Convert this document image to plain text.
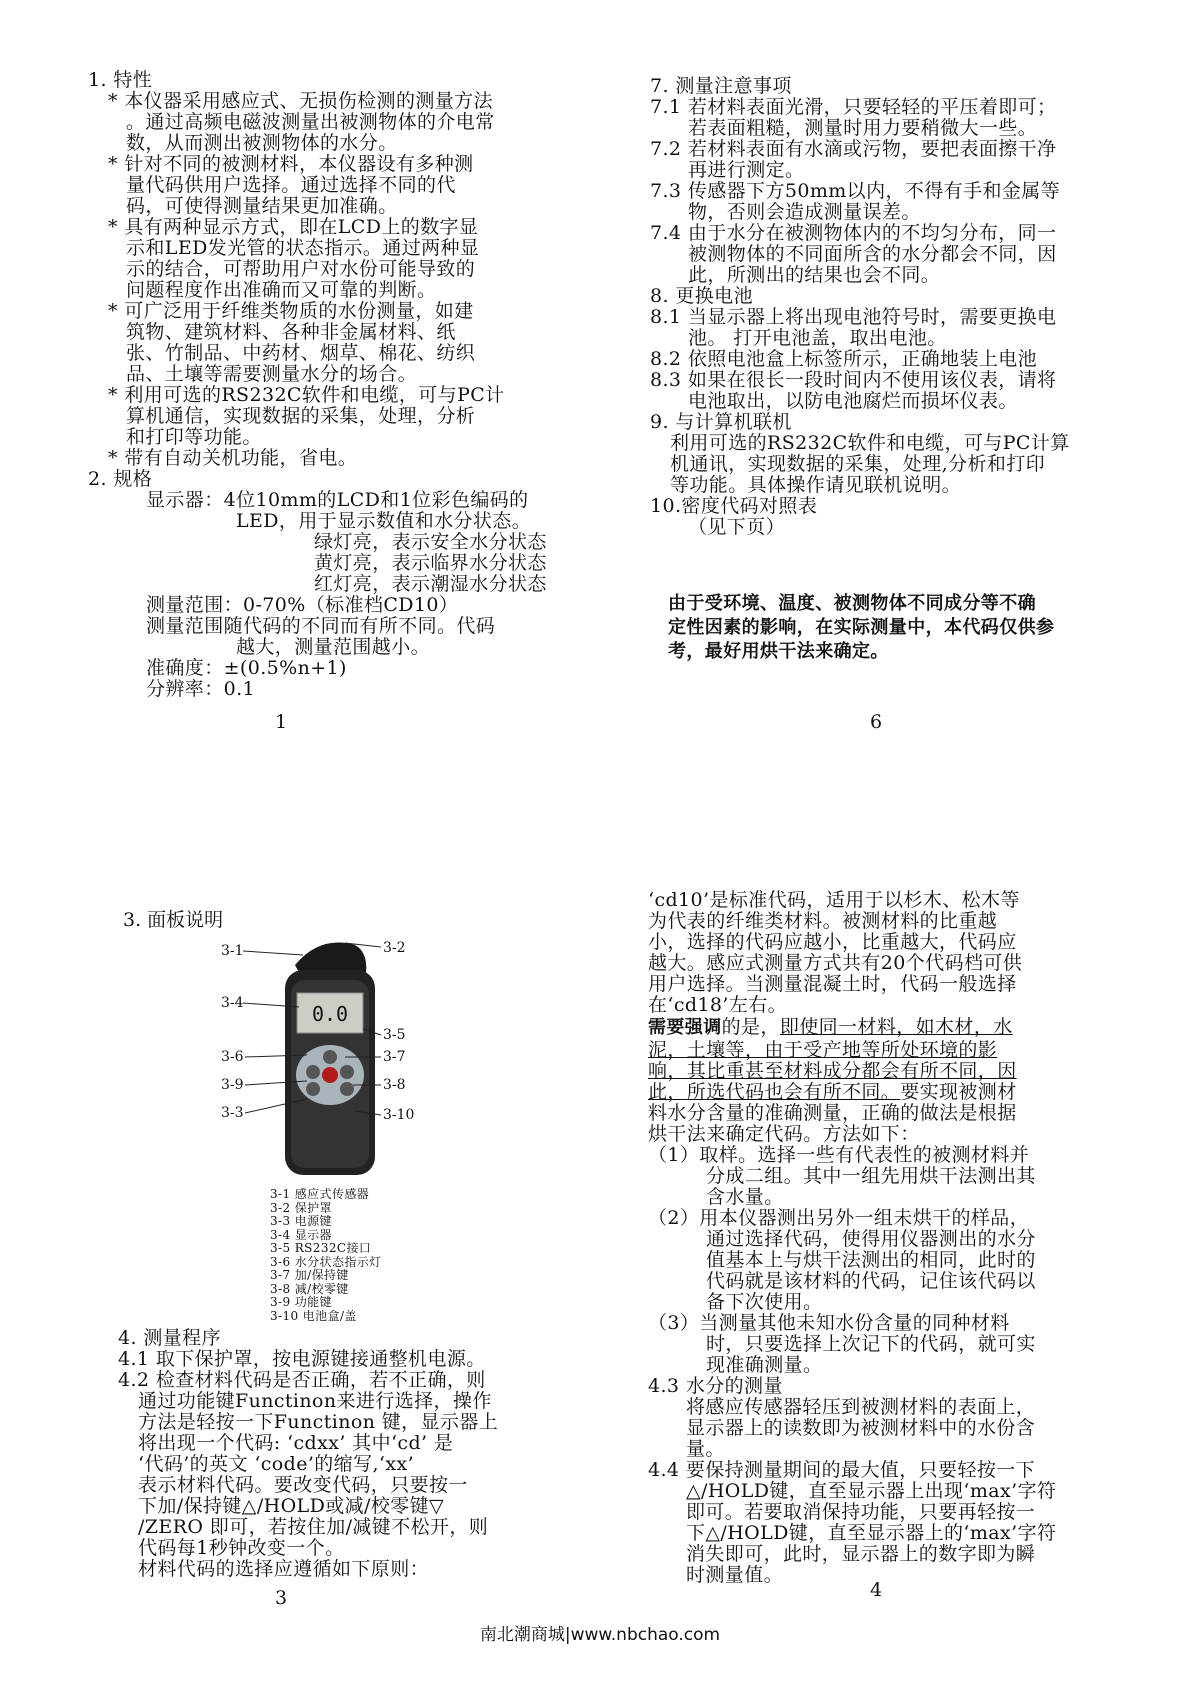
1. 特性
* 本仪器采用感应式、无损伤检测的测量方法
。通过高频电磁波测量出被测物体的介电常
数，从而测出被测物体的水分。
* 针对不同的被测材料，本仪器设有多种测
量代码供用户选择。通过选择不同的代
码，可使得测量结果更加准确。
* 具有两种显示方式，即在LCD上的数字显
示和LED发光管的状态指示。通过两种显
示的结合，可帮助用户对水份可能导致的
问题程度作出准确而又可靠的判断。
* 可广泛用于纤维类物质的水份测量，如建
筑物、建筑材料、各种非金属材料、纸
张、竹制品、中药材、烟草、棉花、纺织
品、土壤等需要测量水分的场合。
* 利用可选的RS232C软件和电缆，可与PC计
算机通信，实现数据的采集，处理，分析
和打印等功能。
* 带有自动关机功能，省电。
2. 规格
显示器：4位10mm的LCD和1位彩色编码的
LED，用于显示数值和水分状态。
绿灯亮，表示安全水分状态
黄灯亮，表示临界水分状态
红灯亮，表示潮湿水分状态
测量范围：0-70%（标准档CD10）
测量范围随代码的不同而有所不同。代码
越大，测量范围越小。
准确度：±(0.5%n+1)
分辨率：0.1
1
7. 测量注意事项
7.1 若材料表面光滑，只要轻轻的平压着即可；
若表面粗糙，测量时用力要稍微大一些。
7.2 若材料表面有水滴或污物，要把表面擦干净
再进行测定。
7.3 传感器下方50mm以内，不得有手和金属等
物，否则会造成测量误差。
7.4 由于水分在被测物体内的不均匀分布，同一
被测物体的不同面所含的水分都会不同，因
此，所测出的结果也会不同。
8. 更换电池
8.1 当显示器上将出现电池符号时，需要更换电
池。 打开电池盖，取出电池。
8.2 依照电池盒上标签所示，正确地装上电池
8.3 如果在很长一段时间内不使用该仪表，请将
电池取出，以防电池腐烂而损坏仪表。
9. 与计算机联机
利用可选的RS232C软件和电缆，可与PC计算
机通讯，实现数据的采集，处理,分析和打印
等功能。具体操作请见联机说明。
10.密度代码对照表
（见下页）
由于受环境、温度、被测物体不同成分等不确
定性因素的影响，在实际测量中，本代码仅供参
考，最好用烘干法来确定。
6
3. 面板说明
0.0
3-1	3-2
3-4
3-5
3-6	3-7
3-9	3-8
3-3	3-10
3-1 感应式传感器
3-2 保护罩
3-3 电源键
3-4 显示器
3-5 RS232C接口
3-6 水分状态指示灯
3-7 加/保持键
3-8 减/校零键
3-9 功能键
3-10 电池盒/盖
4. 测量程序
4.1 取下保护罩，按电源键接通整机电源。
4.2 检查材料代码是否正确，若不正确，则
通过功能键Functinon来进行选择，操作
方法是轻按一下Functinon 键，显示器上
将出现一个代码: ‘cdxx’ 其中‘cd’ 是
‘代码’的英文 ‘code’的缩写,‘xx’
表示材料代码。要改变代码，只要按一
下加/保持键△/HOLD或减/校零键▽
/ZERO 即可，若按住加/减键不松开，则
代码每1秒钟改变一个。
材料代码的选择应遵循如下原则：
3
‘cd10’是标准代码，适用于以杉木、松木等
为代表的纤维类材料。被测材料的比重越
小，选择的代码应越小，比重越大，代码应
越大。感应式测量方式共有20个代码档可供
用户选择。当测量混凝土时，代码一般选择
在‘cd18’左右。
需要强调的是，即使同一材料，如木材，水
泥，土壤等，由于受产地等所处环境的影
响，其比重甚至材料成分都会有所不同，因
此，所选代码也会有所不同。要实现被测材
料水分含量的准确测量，正确的做法是根据
烘干法来确定代码。方法如下：
（1）取样。选择一些有代表性的被测材料并
分成二组。其中一组先用烘干法测出其
含水量。
（2）用本仪器测出另外一组未烘干的样品，
通过选择代码，使得用仪器测出的水分
值基本上与烘干法测出的相同，此时的
代码就是该材料的代码，记住该代码以
备下次使用。
（3）当测量其他未知水份含量的同种材料
时，只要选择上次记下的代码，就可实
现准确测量。
4.3 水分的测量
将感应传感器轻压到被测材料的表面上，
显示器上的读数即为被测材料中的水份含
量。
4.4 要保持测量期间的最大值，只要轻按一下
△/HOLD键，直至显示器上出现‘max’字符
即可。若要取消保持功能，只要再轻按一
下△/HOLD键，直至显示器上的‘max’字符
消失即可，此时，显示器上的数字即为瞬
时测量值。
4
南北潮商城|www.nbchao.com
